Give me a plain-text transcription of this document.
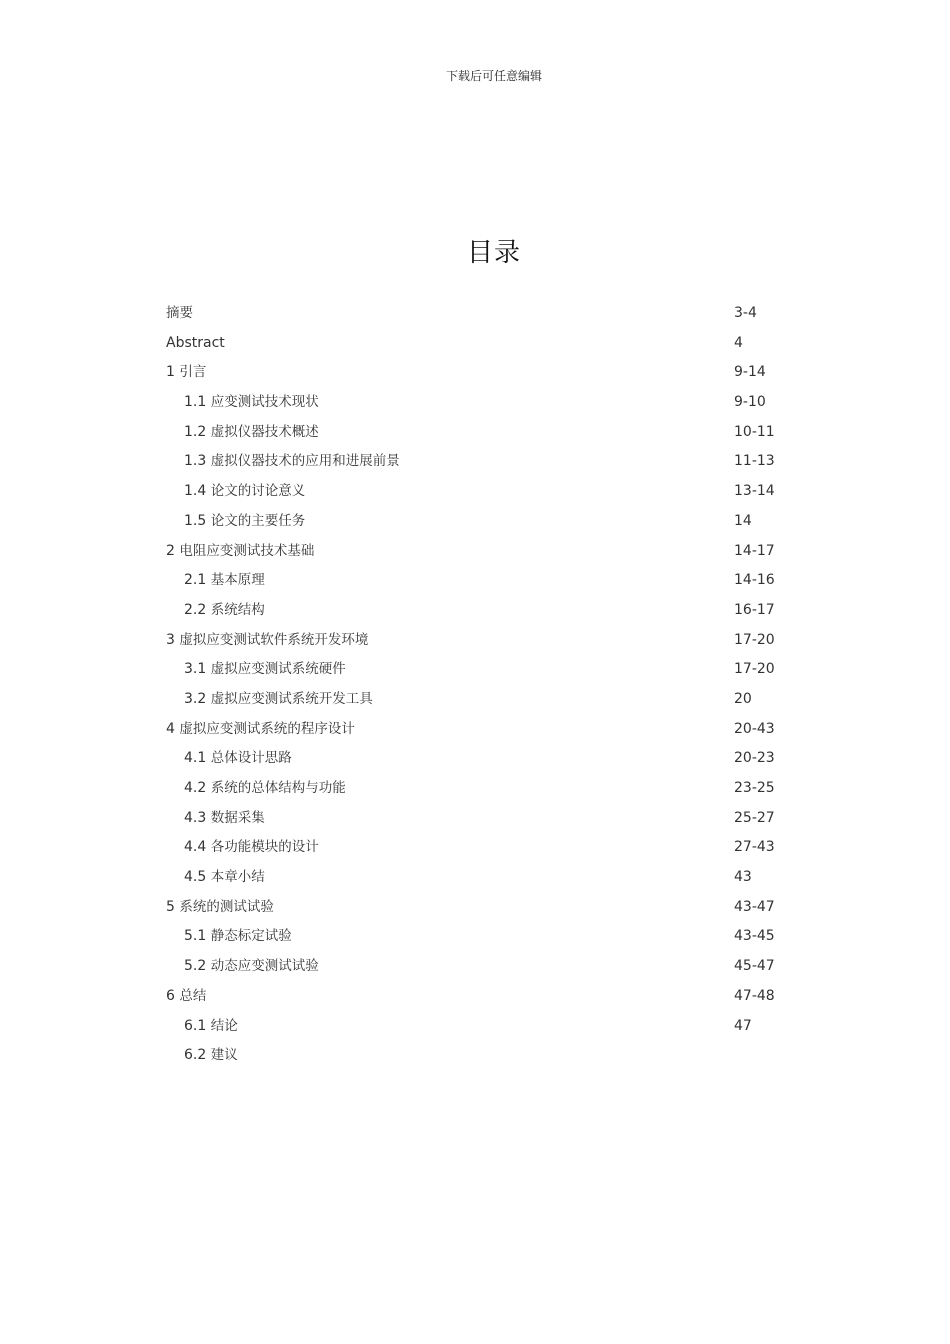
下载后可任意编辑
目录
摘要	3-4
Abstract	4
1 引言	9-14
1.1 应变测试技术现状	9-10
1.2 虚拟仪器技术概述	10-11
1.3 虚拟仪器技术的应用和进展前景	11-13
1.4 论文的讨论意义	13-14
1.5 论文的主要任务	14
2 电阻应变测试技术基础	14-17
2.1 基本原理	14-16
2.2 系统结构	16-17
3 虚拟应变测试软件系统开发环境	17-20
3.1 虚拟应变测试系统硬件	17-20
3.2 虚拟应变测试系统开发工具	20
4 虚拟应变测试系统的程序设计	20-43
4.1 总体设计思路	20-23
4.2 系统的总体结构与功能	23-25
4.3 数据采集	25-27
4.4 各功能模块的设计	27-43
4.5 本章小结	43
5 系统的测试试验	43-47
5.1 静态标定试验	43-45
5.2 动态应变测试试验	45-47
6 总结	47-48
6.1 结论	47
6.2 建议
